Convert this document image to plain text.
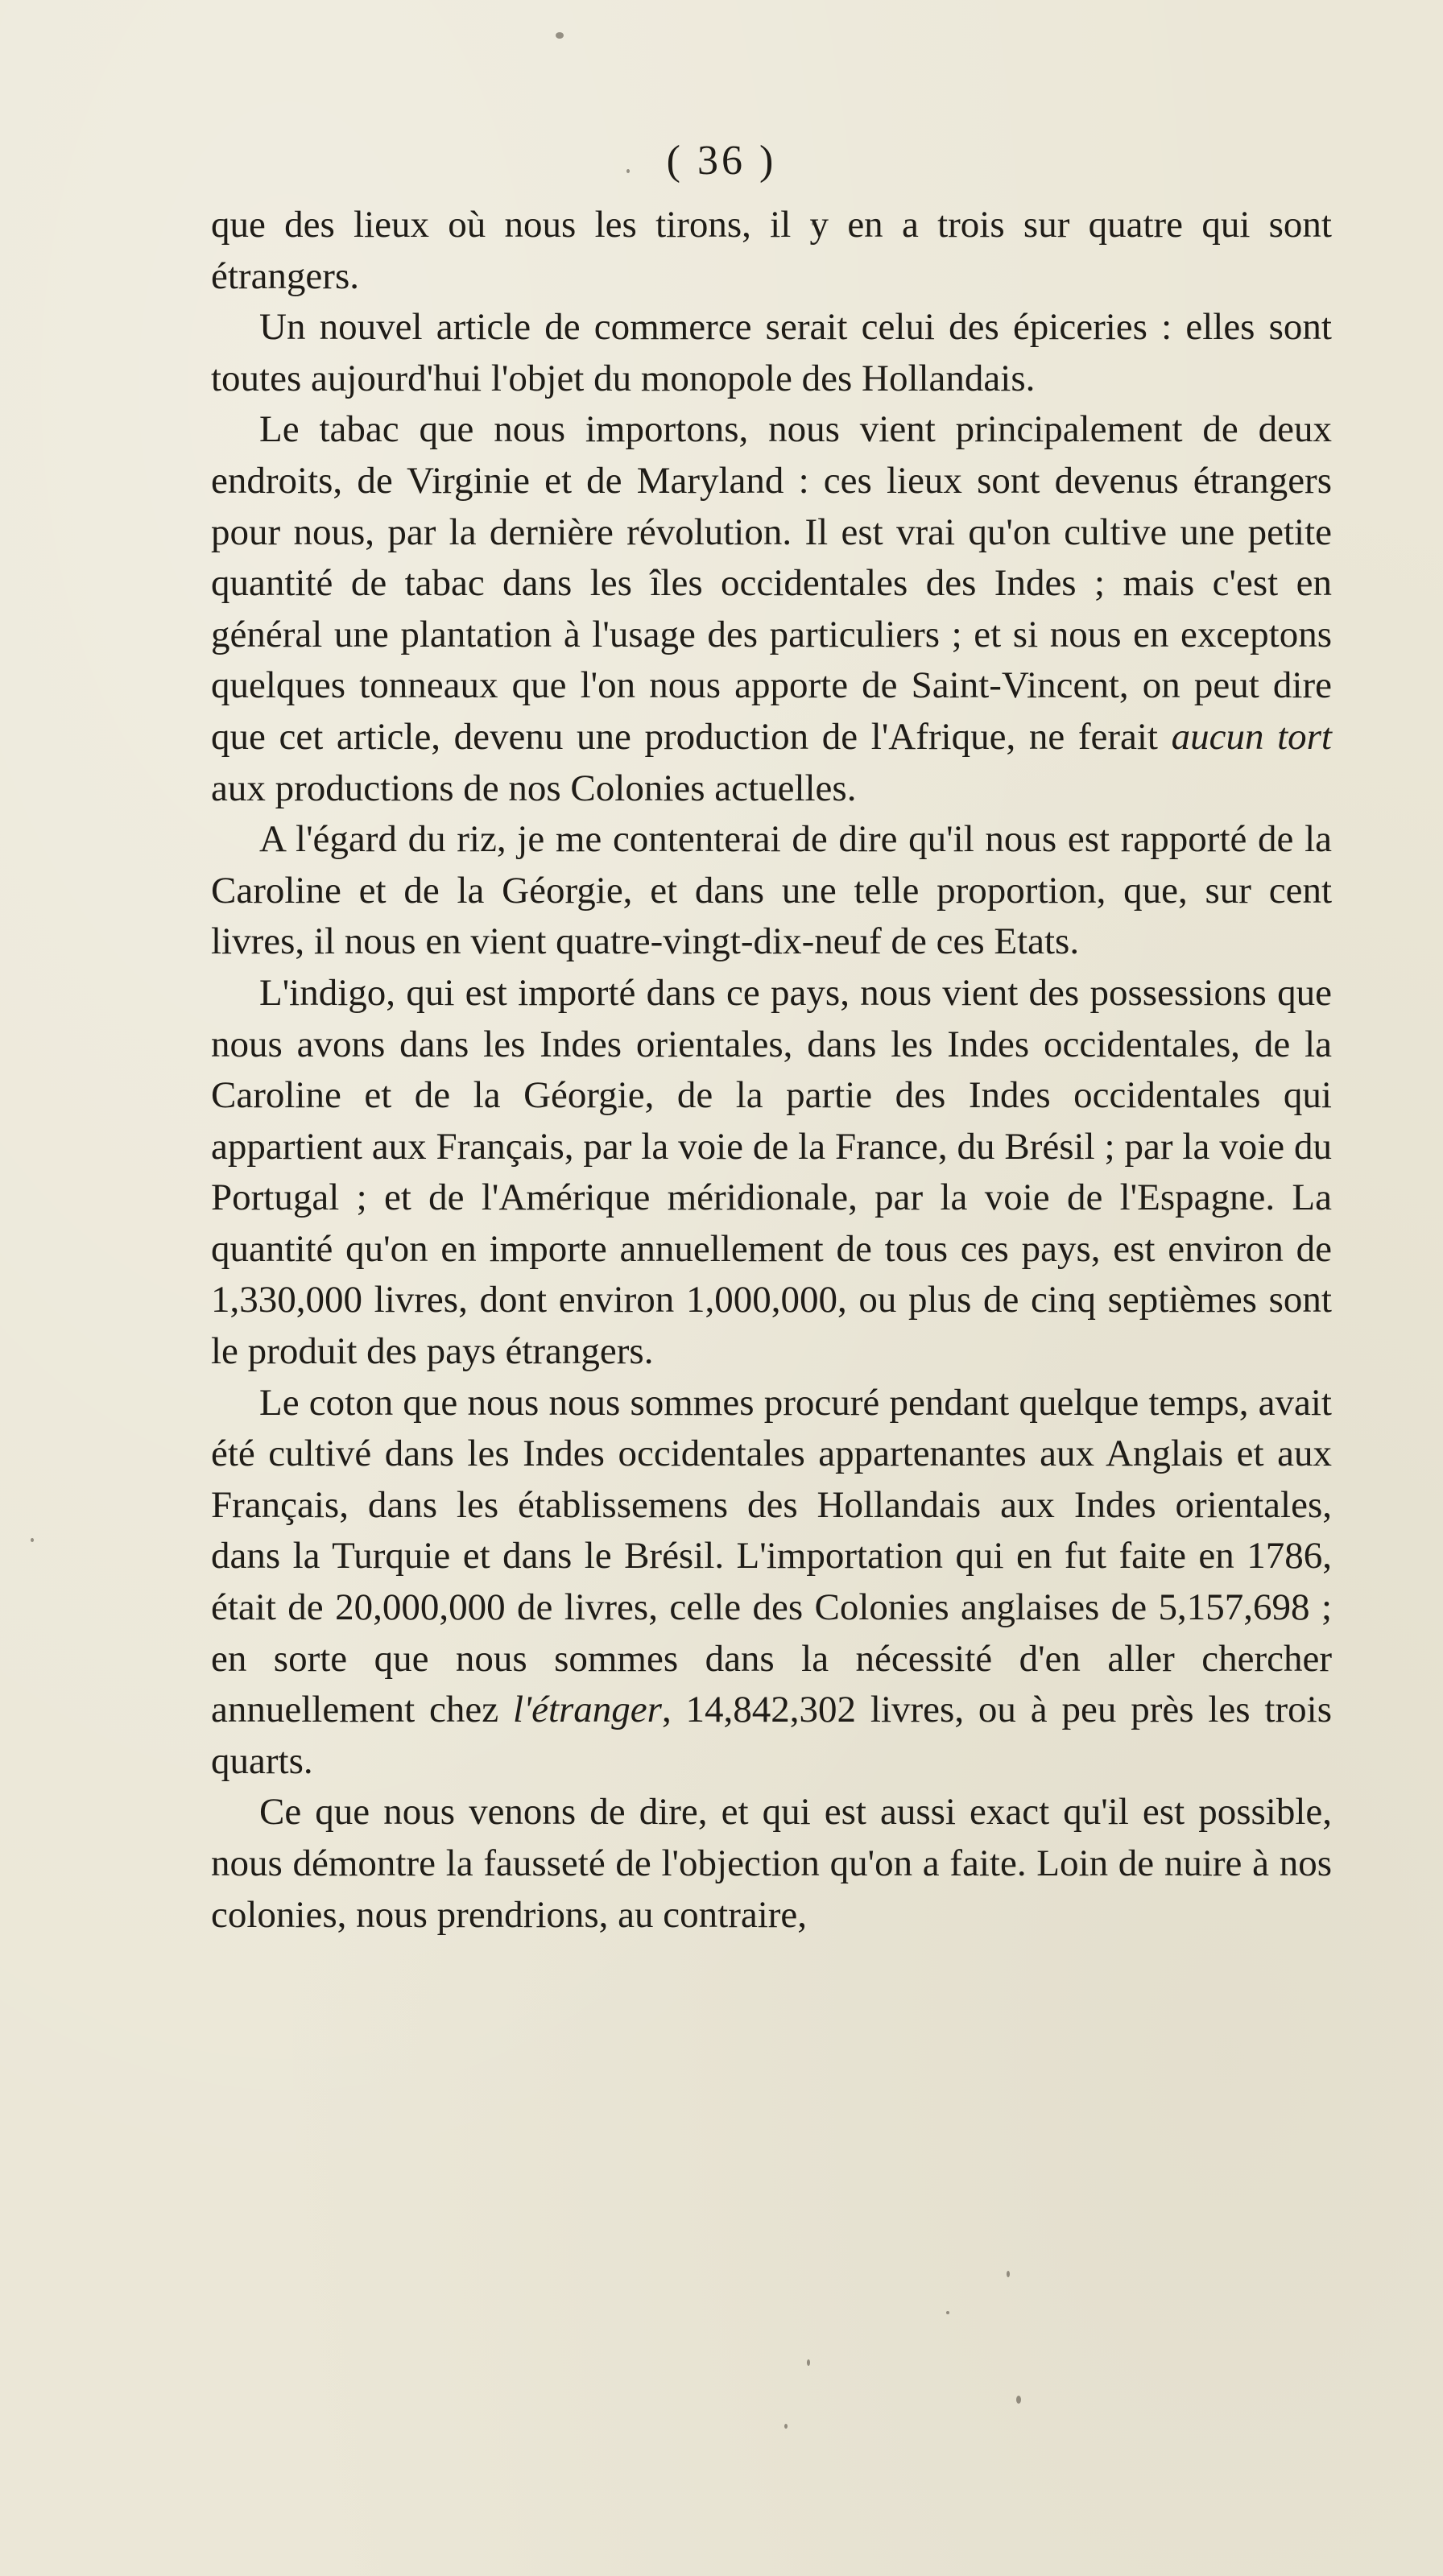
( 36 )

que des lieux où nous les tirons, il y en a trois sur quatre qui sont étrangers.

Un nouvel article de commerce serait celui des épiceries : elles sont toutes aujourd'hui l'objet du monopole des Hollandais.

Le tabac que nous importons, nous vient principalement de deux endroits, de Virginie et de Maryland : ces lieux sont devenus étrangers pour nous, par la dernière révolution. Il est vrai qu'on cultive une petite quantité de tabac dans les îles occidentales des Indes ; mais c'est en général une plantation à l'usage des particuliers ; et si nous en exceptons quelques tonneaux que l'on nous apporte de Saint-Vincent, on peut dire que cet article, devenu une production de l'Afrique, ne ferait aucun tort aux productions de nos Colonies actuelles.

A l'égard du riz, je me contenterai de dire qu'il nous est rapporté de la Caroline et de la Géorgie, et dans une telle proportion, que, sur cent livres, il nous en vient quatre-vingt-dix-neuf de ces Etats.

L'indigo, qui est importé dans ce pays, nous vient des possessions que nous avons dans les Indes orientales, dans les Indes occidentales, de la Caroline et de la Géorgie, de la partie des Indes occidentales qui appartient aux Français, par la voie de la France, du Brésil ; par la voie du Portugal ; et de l'Amérique méridionale, par la voie de l'Espagne. La quantité qu'on en importe annuellement de tous ces pays, est environ de 1,330,000 livres, dont environ 1,000,000, ou plus de cinq septièmes sont le produit des pays étrangers.

Le coton que nous nous sommes procuré pendant quelque temps, avait été cultivé dans les Indes occidentales appartenantes aux Anglais et aux Français, dans les établissemens des Hollandais aux Indes orientales, dans la Turquie et dans le Brésil. L'importation qui en fut faite en 1786, était de 20,000,000 de livres, celle des Colonies anglaises de 5,157,698 ; en sorte que nous sommes dans la nécessité d'en aller chercher annuellement chez l'étranger, 14,842,302 livres, ou à peu près les trois quarts.

Ce que nous venons de dire, et qui est aussi exact qu'il est possible, nous démontre la fausseté de l'objection qu'on a faite. Loin de nuire à nos colonies, nous prendrions, au contraire,
